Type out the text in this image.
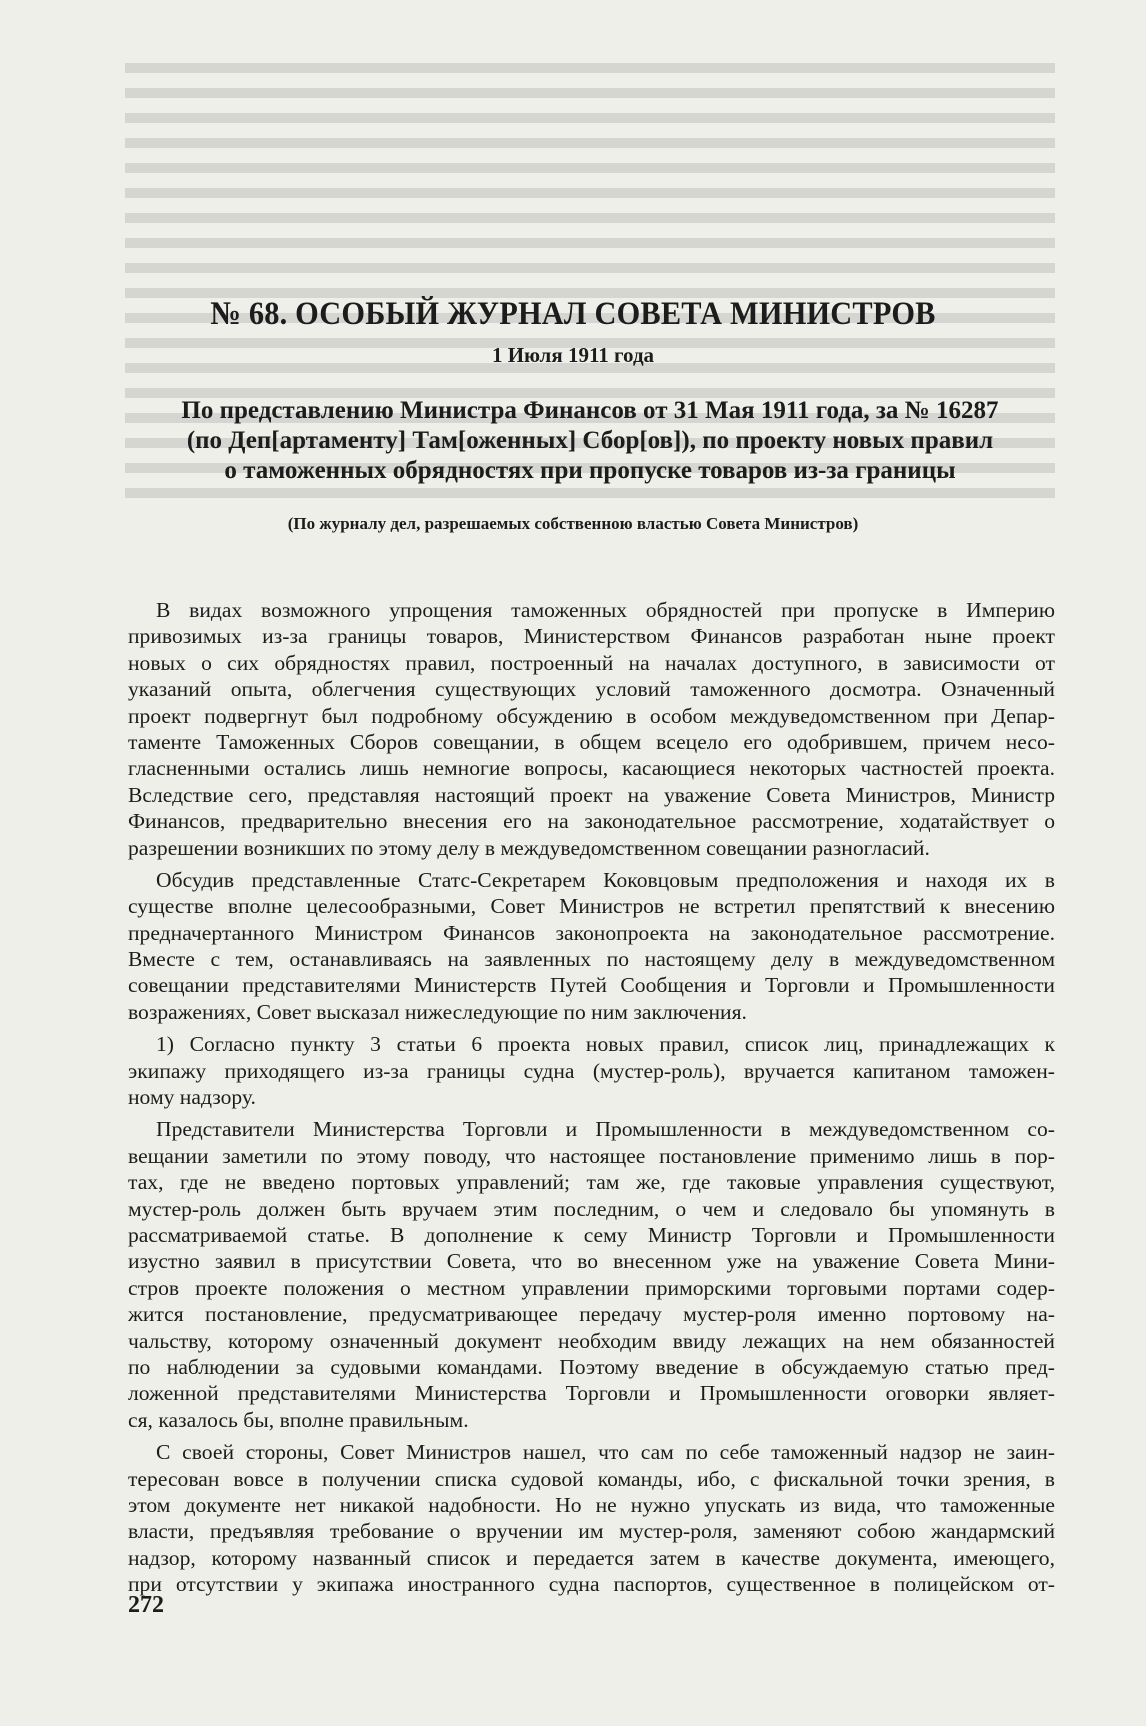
№ 68. ОСОБЫЙ ЖУРНАЛ СОВЕТА МИНИСТРОВ
1 Июля 1911 года
По представлению Министра Финансов от 31 Мая 1911 года, за № 16287
(по Деп[артаменту] Там[оженных] Сбор[ов]), по проекту новых правил
о таможенных обрядностях при пропуске товаров из-за границы
(По журналу дел, разрешаемых собственною властью Совета Министров)
В видах возможного упрощения таможенных обрядностей при пропуске в Империю
привозимых из-за границы товаров, Министерством Финансов разработан ныне проект
новых о сих обрядностях правил, построенный на началах доступного, в зависимости от
указаний опыта, облегчения существующих условий таможенного досмотра. Означенный
проект подвергнут был подробному обсуждению в особом междуведомственном при Депар-
таменте Таможенных Сборов совещании, в общем всецело его одобрившем, причем несо-
гласненными остались лишь немногие вопросы, касающиеся некоторых частностей проекта.
Вследствие сего, представляя настоящий проект на уважение Совета Министров, Министр
Финансов, предварительно внесения его на законодательное рассмотрение, ходатайствует о
разрешении возникших по этому делу в междуведомственном совещании разногласий.
Обсудив представленные Статс-Секретарем Коковцовым предположения и находя их в
существе вполне целесообразными, Совет Министров не встретил препятствий к внесению
предначертанного Министром Финансов законопроекта на законодательное рассмотрение.
Вместе с тем, останавливаясь на заявленных по настоящему делу в междуведомственном
совещании представителями Министерств Путей Сообщения и Торговли и Промышленности
возражениях, Совет высказал нижеследующие по ним заключения.
1) Согласно пункту 3 статьи 6 проекта новых правил, список лиц, принадлежащих к
экипажу приходящего из-за границы судна (мустер-роль), вручается капитаном таможен-
ному надзору.
Представители Министерства Торговли и Промышленности в междуведомственном со-
вещании заметили по этому поводу, что настоящее постановление применимо лишь в пор-
тах, где не введено портовых управлений; там же, где таковые управления существуют,
мустер-роль должен быть вручаем этим последним, о чем и следовало бы упомянуть в
рассматриваемой статье. В дополнение к сему Министр Торговли и Промышленности
изустно заявил в присутствии Совета, что во внесенном уже на уважение Совета Мини-
стров проекте положения о местном управлении приморскими торговыми портами содер-
жится постановление, предусматривающее передачу мустер-роля именно портовому на-
чальству, которому означенный документ необходим ввиду лежащих на нем обязанностей
по наблюдении за судовыми командами. Поэтому введение в обсуждаемую статью пред-
ложенной представителями Министерства Торговли и Промышленности оговорки являет-
ся, казалось бы, вполне правильным.
С своей стороны, Совет Министров нашел, что сам по себе таможенный надзор не заин-
тересован вовсе в получении списка судовой команды, ибо, с фискальной точки зрения, в
этом документе нет никакой надобности. Но не нужно упускать из вида, что таможенные
власти, предъявляя требование о вручении им мустер-роля, заменяют собою жандармский
надзор, которому названный список и передается затем в качестве документа, имеющего,
при отсутствии у экипажа иностранного судна паспортов, существенное в полицейском от-
272
